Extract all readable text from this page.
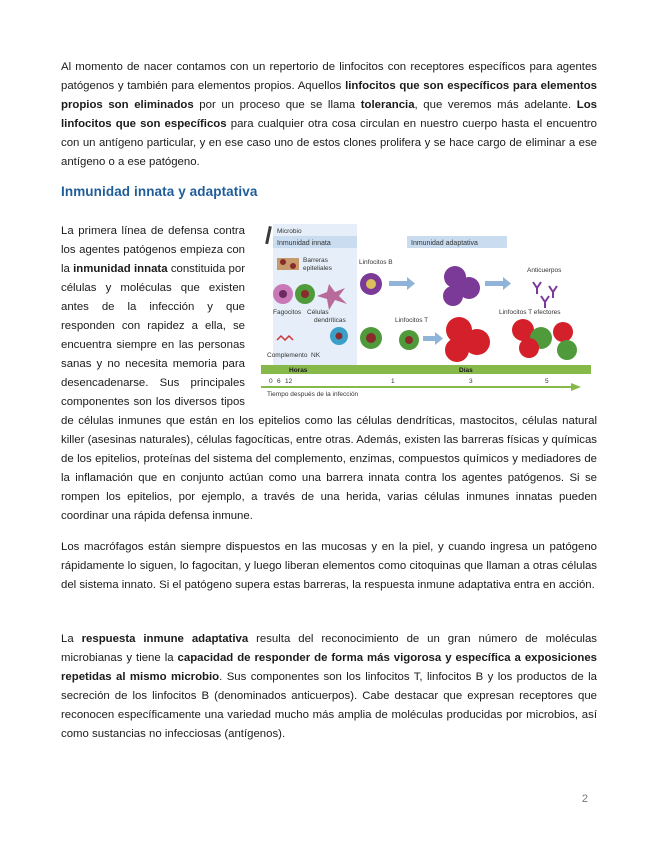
Al momento de nacer contamos con un repertorio de linfocitos con receptores específicos para agentes patógenos y también para elementos propios. Aquellos linfocitos que son específicos para elementos propios son eliminados por un proceso que se llama tolerancia, que veremos más adelante. Los linfocitos que son específicos para cualquier otra cosa circulan en nuestro cuerpo hasta el encuentro con un antígeno particular, y en ese caso uno de estos clones prolifera y se hace cargo de eliminar a ese antígeno o a ese patógeno.

Inmunidad innata y adaptativa
Microbio
Inmunidad innata	Inmunidad adaptativa
Barreras
epiteliales
Fagocitos Células
dendríticas
Complemento NK
Linfocitos B
Anticuerpos
Linfocitos T
Linfocitos T efectores
Horas	Días
0 6 12	1	3	5
Tiempo después de la infección

La primera línea de defensa contra los agentes patógenos empieza con la inmunidad innata constituida por células y moléculas que existen antes de la infección y que responden con rapidez a ella, se encuentra siempre en las personas sanas y no necesita memoria para desencadenarse. Sus principales componentes son los diversos tipos de células inmunes que están en los epitelios como las células dendríticas, mastocitos, células natural killer (asesinas naturales), células fagocíticas, entre otras. Además, existen las barreras físicas y químicas de los epitelios, proteínas del sistema del complemento, enzimas, compuestos químicos y mediadores de la inflamación que en conjunto actúan como una barrera innata contra los agentes patógenos. Si se rompen los epitelios, por ejemplo, a través de una herida, varias células inmunes innatas pueden coordinar una rápida defensa inmune.

Los macrófagos están siempre dispuestos en las mucosas y en la piel, y cuando ingresa un patógeno rápidamente lo siguen, lo fagocitan, y luego liberan elementos como citoquinas que llaman a otras células del sistema innato. Si el patógeno supera estas barreras, la respuesta inmune adaptativa entra en acción.

La respuesta inmune adaptativa resulta del reconocimiento de un gran número de moléculas microbianas y tiene la capacidad de responder de forma más vigorosa y específica a exposiciones repetidas al mismo microbio. Sus componentes son los linfocitos T, linfocitos B y los productos de la secreción de los linfocitos B (denominados anticuerpos). Cabe destacar que expresan receptores que reconocen específicamente una variedad mucho más amplia de moléculas producidas por microbios, así como sustancias no infecciosas (antígenos).

2
